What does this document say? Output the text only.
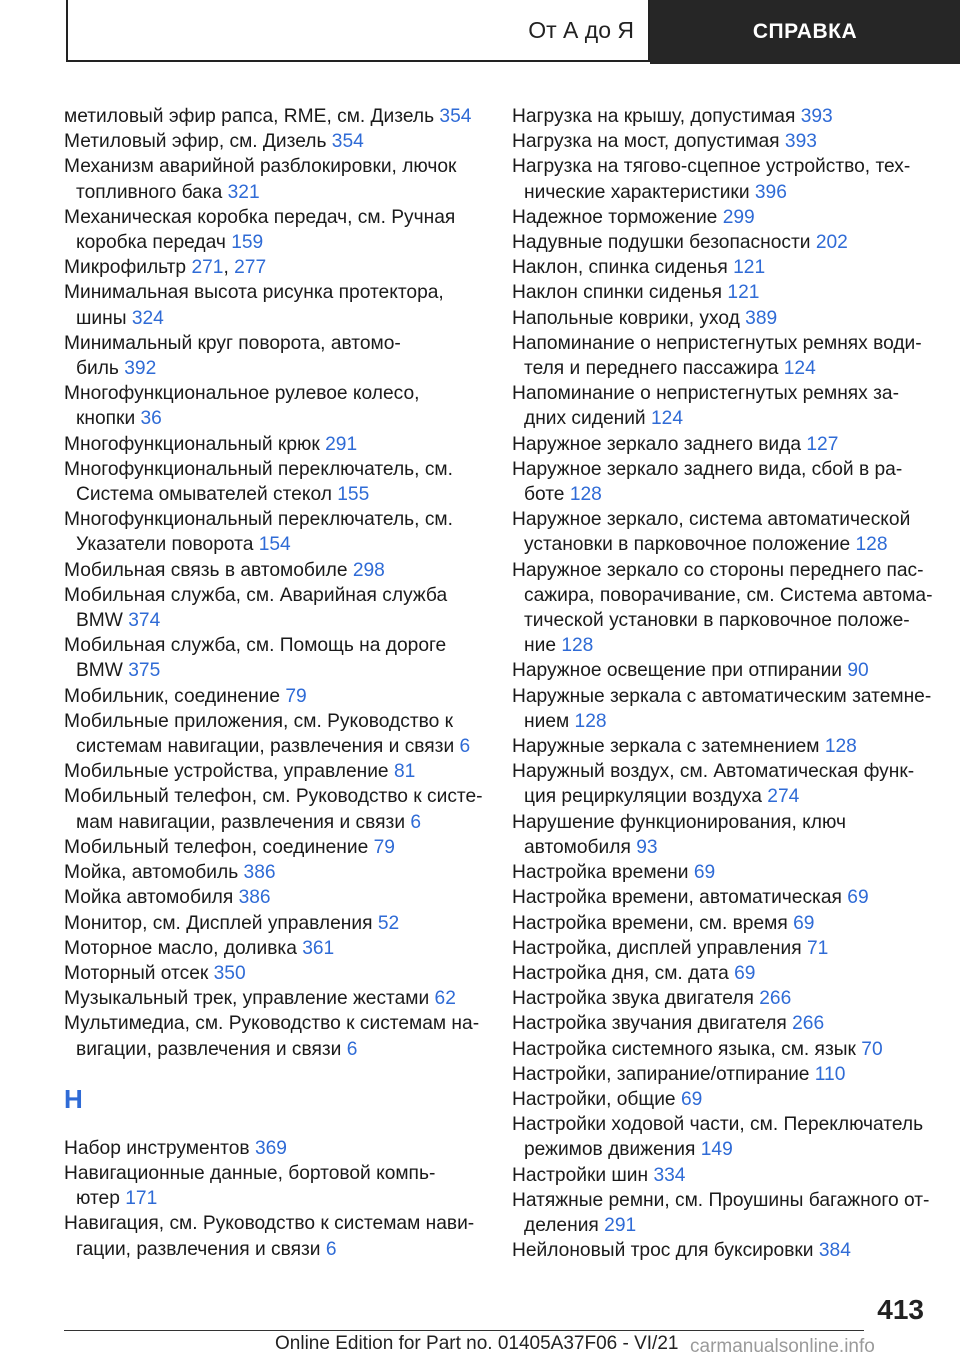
От А до Я	СПРАВКА
метиловый эфир рапса, RME, см. Дизель 354
Метиловый эфир, см. Дизель 354
Механизм аварийной разблокировки, лючок
топливного бака 321
Механическая коробка передач, см. Ручная
коробка передач 159
Микрофильтр 271, 277
Минимальная высота рисунка протектора,
шины 324
Минимальный круг поворота, автомо-
биль 392
Многофункциональное рулевое колесо,
кнопки 36
Многофункциональный крюк 291
Многофункциональный переключатель, см.
Система омывателей стекол 155
Многофункциональный переключатель, см.
Указатели поворота 154
Мобильная связь в автомобиле 298
Мобильная служба, см. Аварийная служба
BMW 374
Мобильная служба, см. Помощь на дороге
BMW 375
Мобильник, соединение 79
Мобильные приложения, см. Руководство к
системам навигации, развлечения и связи 6
Мобильные устройства, управление 81
Мобильный телефон, см. Руководство к систе-
мам навигации, развлечения и связи 6
Мобильный телефон, соединение 79
Мойка, автомобиль 386
Мойка автомобиля 386
Монитор, см. Дисплей управления 52
Моторное масло, доливка 361
Моторный отсек 350
Музыкальный трек, управление жестами 62
Мультимедиа, см. Руководство к системам на-
вигации, развлечения и связи 6
Н
Набор инструментов 369
Навигационные данные, бортовой компь-
ютер 171
Навигация, см. Руководство к системам нави-
гации, развлечения и связи 6
Нагрузка на крышу, допустимая 393
Нагрузка на мост, допустимая 393
Нагрузка на тягово-сцепное устройство, тех-
нические характеристики 396
Надежное торможение 299
Надувные подушки безопасности 202
Наклон, спинка сиденья 121
Наклон спинки сиденья 121
Напольные коврики, уход 389
Напоминание о непристегнутых ремнях води-
теля и переднего пассажира 124
Напоминание о непристегнутых ремнях за-
дних сидений 124
Наружное зеркало заднего вида 127
Наружное зеркало заднего вида, сбой в ра-
боте 128
Наружное зеркало, система автоматической
установки в парковочное положение 128
Наружное зеркало со стороны переднего пас-
сажира, поворачивание, см. Система автома-
тической установки в парковочное положе-
ние 128
Наружное освещение при отпирании 90
Наружные зеркала с автоматическим затемне-
нием 128
Наружные зеркала с затемнением 128
Наружный воздух, см. Автоматическая функ-
ция рециркуляции воздуха 274
Нарушение функционирования, ключ
автомобиля 93
Настройка времени 69
Настройка времени, автоматическая 69
Настройка времени, см. время 69
Настройка, дисплей управления 71
Настройка дня, см. дата 69
Настройка звука двигателя 266
Настройка звучания двигателя 266
Настройка системного языка, см. язык 70
Настройки, запирание/отпирание 110
Настройки, общие 69
Настройки ходовой части, см. Переключатель
режимов движения 149
Настройки шин 334
Натяжные ремни, см. Проушины багажного от-
деления 291
Нейлоновый трос для буксировки 384
413
Online Edition for Part no. 01405A37F06 - VI/21 carmanualsonline.info
